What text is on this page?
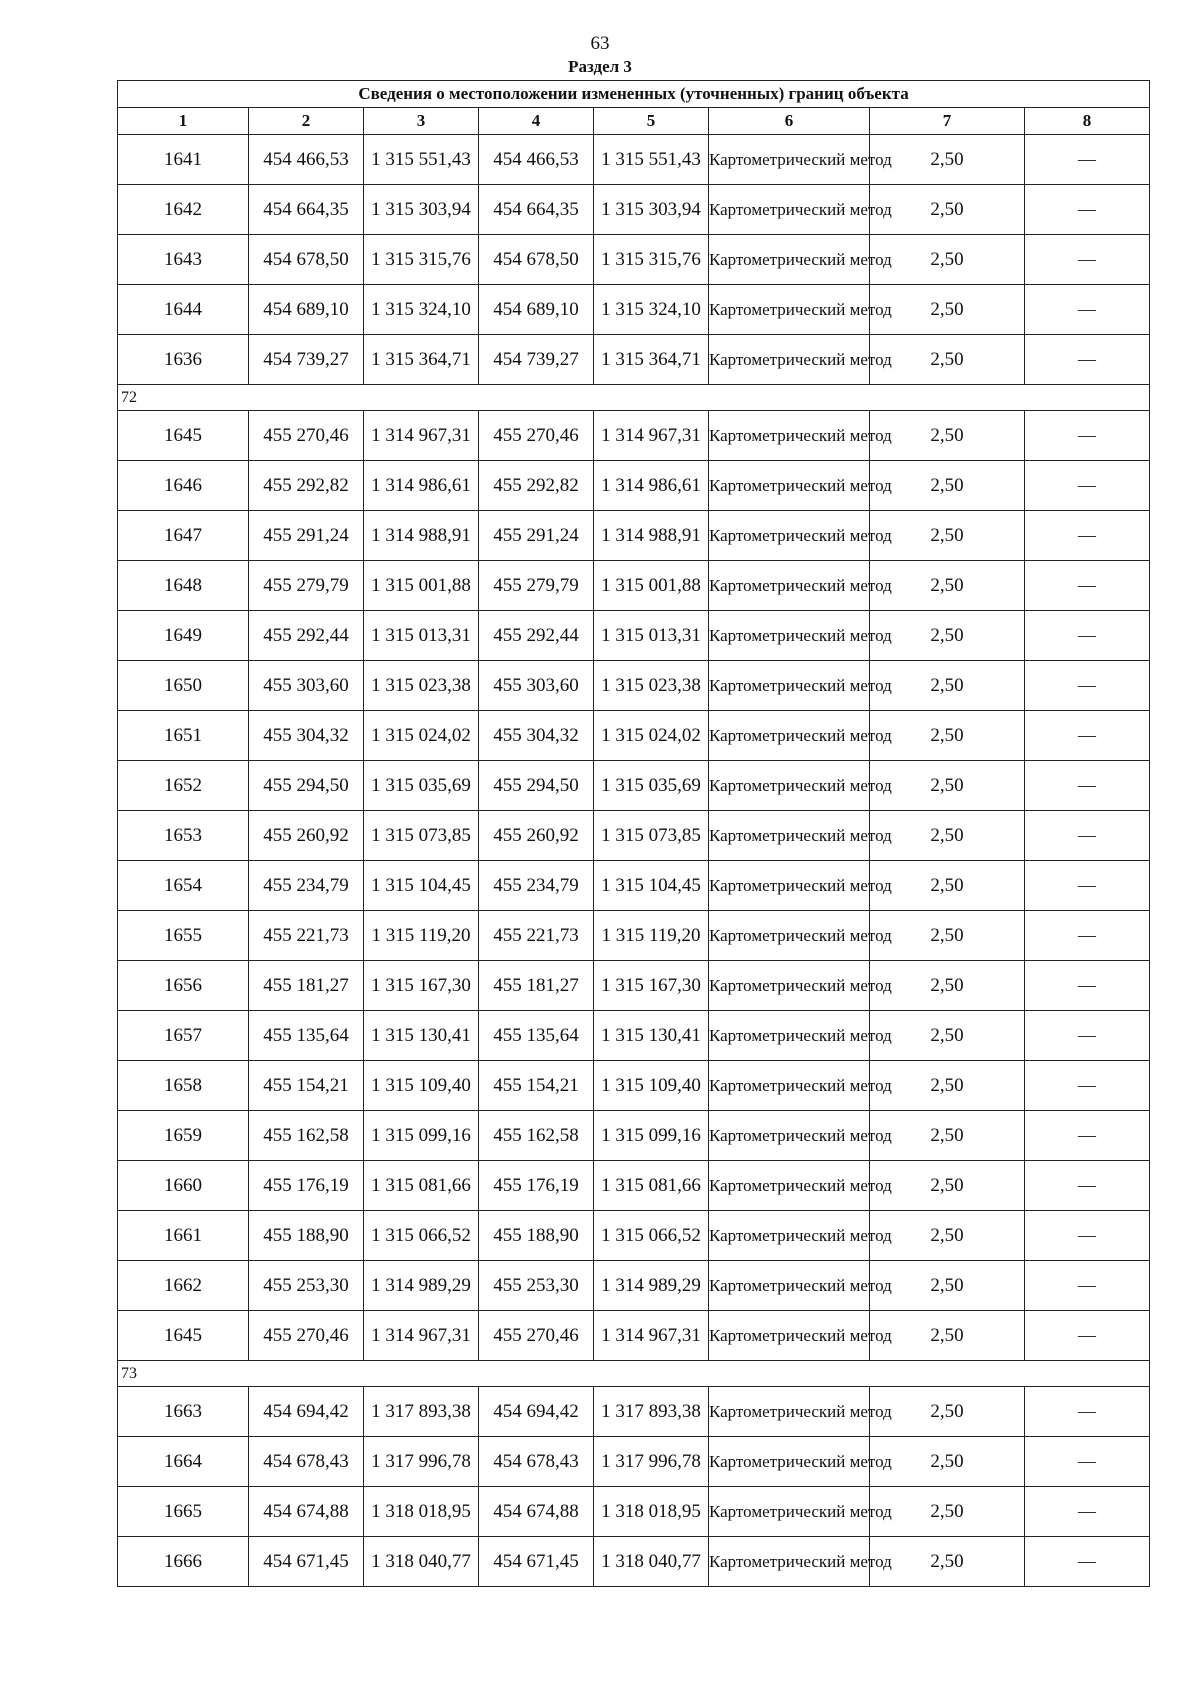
63
Раздел 3
Сведения о местоположении измененных (уточненных) границ объекта							
1	2	3	4	5	6	7	8
1641	454 466,53	1 315 551,43	454 466,53	1 315 551,43	Картометрический метод	2,50	—
1642	454 664,35	1 315 303,94	454 664,35	1 315 303,94	Картометрический метод	2,50	—
1643	454 678,50	1 315 315,76	454 678,50	1 315 315,76	Картометрический метод	2,50	—
1644	454 689,10	1 315 324,10	454 689,10	1 315 324,10	Картометрический метод	2,50	—
1636	454 739,27	1 315 364,71	454 739,27	1 315 364,71	Картометрический метод	2,50	—
72							
1645	455 270,46	1 314 967,31	455 270,46	1 314 967,31	Картометрический метод	2,50	—
1646	455 292,82	1 314 986,61	455 292,82	1 314 986,61	Картометрический метод	2,50	—
1647	455 291,24	1 314 988,91	455 291,24	1 314 988,91	Картометрический метод	2,50	—
1648	455 279,79	1 315 001,88	455 279,79	1 315 001,88	Картометрический метод	2,50	—
1649	455 292,44	1 315 013,31	455 292,44	1 315 013,31	Картометрический метод	2,50	—
1650	455 303,60	1 315 023,38	455 303,60	1 315 023,38	Картометрический метод	2,50	—
1651	455 304,32	1 315 024,02	455 304,32	1 315 024,02	Картометрический метод	2,50	—
1652	455 294,50	1 315 035,69	455 294,50	1 315 035,69	Картометрический метод	2,50	—
1653	455 260,92	1 315 073,85	455 260,92	1 315 073,85	Картометрический метод	2,50	—
1654	455 234,79	1 315 104,45	455 234,79	1 315 104,45	Картометрический метод	2,50	—
1655	455 221,73	1 315 119,20	455 221,73	1 315 119,20	Картометрический метод	2,50	—
1656	455 181,27	1 315 167,30	455 181,27	1 315 167,30	Картометрический метод	2,50	—
1657	455 135,64	1 315 130,41	455 135,64	1 315 130,41	Картометрический метод	2,50	—
1658	455 154,21	1 315 109,40	455 154,21	1 315 109,40	Картометрический метод	2,50	—
1659	455 162,58	1 315 099,16	455 162,58	1 315 099,16	Картометрический метод	2,50	—
1660	455 176,19	1 315 081,66	455 176,19	1 315 081,66	Картометрический метод	2,50	—
1661	455 188,90	1 315 066,52	455 188,90	1 315 066,52	Картометрический метод	2,50	—
1662	455 253,30	1 314 989,29	455 253,30	1 314 989,29	Картометрический метод	2,50	—
1645	455 270,46	1 314 967,31	455 270,46	1 314 967,31	Картометрический метод	2,50	—
73							
1663	454 694,42	1 317 893,38	454 694,42	1 317 893,38	Картометрический метод	2,50	—
1664	454 678,43	1 317 996,78	454 678,43	1 317 996,78	Картометрический метод	2,50	—
1665	454 674,88	1 318 018,95	454 674,88	1 318 018,95	Картометрический метод	2,50	—
1666	454 671,45	1 318 040,77	454 671,45	1 318 040,77	Картометрический метод	2,50	—
